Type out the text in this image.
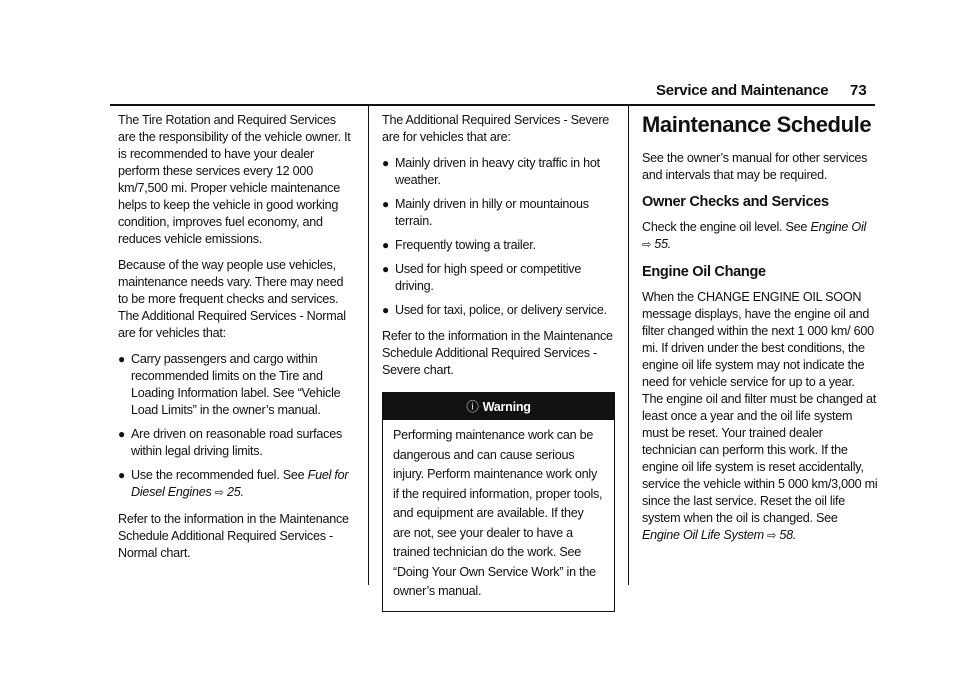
Service and Maintenance 73

The Tire Rotation and Required Services are the responsibility of the vehicle owner. It is recommended to have your dealer perform these services every 12 000 km/7,500 mi. Proper vehicle maintenance helps to keep the vehicle in good working condition, improves fuel economy, and reduces vehicle emissions.

Because of the way people use vehicles, maintenance needs vary. There may need to be more frequent checks and services. The Additional Required Services - Normal are for vehicles that:

● Carry passengers and cargo within recommended limits on the Tire and Loading Information label. See “Vehicle Load Limits” in the owner’s manual.
● Are driven on reasonable road surfaces within legal driving limits.
● Use the recommended fuel. See Fuel for Diesel Engines ⇨ 25.

Refer to the information in the Maintenance Schedule Additional Required Services - Normal chart.

The Additional Required Services - Severe are for vehicles that are:

● Mainly driven in heavy city traffic in hot weather.
● Mainly driven in hilly or mountainous terrain.
● Frequently towing a trailer.
● Used for high speed or competitive driving.
● Used for taxi, police, or delivery service.

Refer to the information in the Maintenance Schedule Additional Required Services - Severe chart.

ⓘ Warning
Performing maintenance work can be dangerous and can cause serious injury. Perform maintenance work only if the required information, proper tools, and equipment are available. If they are not, see your dealer to have a trained technician do the work. See “Doing Your Own Service Work” in the owner’s manual.
Maintenance Schedule

See the owner’s manual for other services and intervals that may be required.

Owner Checks and Services

Check the engine oil level. See Engine Oil ⇨ 55.

Engine Oil Change

When the CHANGE ENGINE OIL SOON message displays, have the engine oil and filter changed within the next 1 000 km/ 600 mi. If driven under the best conditions, the engine oil life system may not indicate the need for vehicle service for up to a year. The engine oil and filter must be changed at least once a year and the oil life system must be reset. Your trained dealer technician can perform this work. If the engine oil life system is reset accidentally, service the vehicle within 5 000 km/3,000 mi since the last service. Reset the oil life system when the oil is changed. See Engine Oil Life System ⇨ 58.
